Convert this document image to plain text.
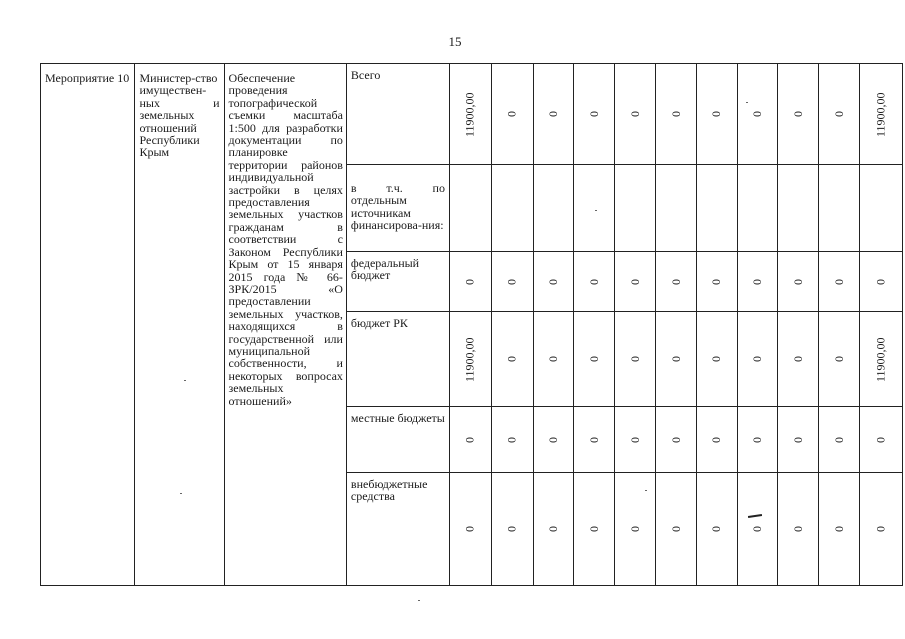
15
Мероприятие 10	Министер-ство имуществен-ных и земельных отношений Республики Крым	Обеспечение проведения топографической съемки масштаба 1:500 для разработки документации по планировке территории районов индивидуальной застройки в целях предоставления земельных участков гражданам в соответствии с Законом Республики Крым от 15 января 2015 года № 66-ЗРК/2015 «О предоставлении земельных участков, находящихся в государственной или муниципальной собственности, и некоторых вопросах земельных отношений»	Всего	11900,00	0	0	0	0	0	0	0	0	0	11900,00

			в т.ч. по отдельным источникам финансирова-ния:											

			федеральный бюджет	0	0	0	0	0	0	0	0	0	0	0

			бюджет РК	11900,00	0	0	0	0	0	0	0	0	0	11900,00

			местные бюджеты	0	0	0	0	0	0	0	0	0	0	0

			внебюджетные средства	0	0	0	0	0	0	0	0	0	0	0
